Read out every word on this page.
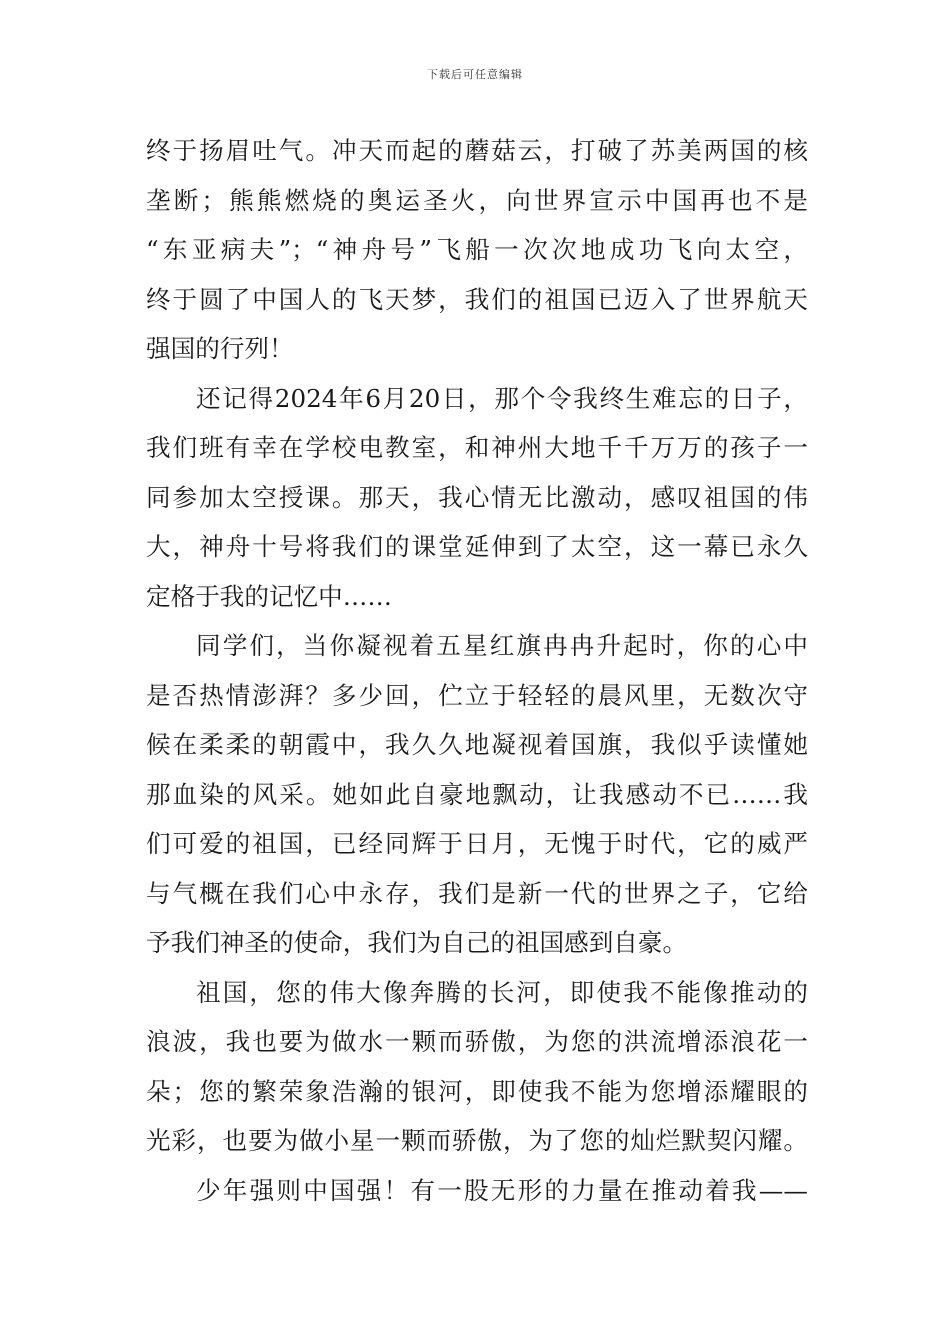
下载后可任意编辑
终于扬眉吐气。冲天而起的蘑菇云，打破了苏美两国的核
垄断；熊熊燃烧的奥运圣火，向世界宣示中国再也不是
“东亚病夫”；“神舟号”飞船一次次地成功飞向太空，
终于圆了中国人的飞天梦，我们的祖国已迈入了世界航天
强国的行列！
还记得2024年6月20日，那个令我终生难忘的日子，
我们班有幸在学校电教室，和神州大地千千万万的孩子一
同参加太空授课。那天，我心情无比激动，感叹祖国的伟
大，神舟十号将我们的课堂延伸到了太空，这一幕已永久
定格于我的记忆中……
同学们，当你凝视着五星红旗冉冉升起时，你的心中
是否热情澎湃？多少回，伫立于轻轻的晨风里，无数次守
候在柔柔的朝霞中，我久久地凝视着国旗，我似乎读懂她
那血染的风采。她如此自豪地飘动，让我感动不已……我
们可爱的祖国，已经同辉于日月，无愧于时代，它的威严
与气概在我们心中永存，我们是新一代的世界之子，它给
予我们神圣的使命，我们为自己的祖国感到自豪。
祖国，您的伟大像奔腾的长河，即使我不能像推动的
浪波，我也要为做水一颗而骄傲，为您的洪流增添浪花一
朵；您的繁荣象浩瀚的银河，即使我不能为您增添耀眼的
光彩，也要为做小星一颗而骄傲，为了您的灿烂默契闪耀。
少年强则中国强！有一股无形的力量在推动着我——
